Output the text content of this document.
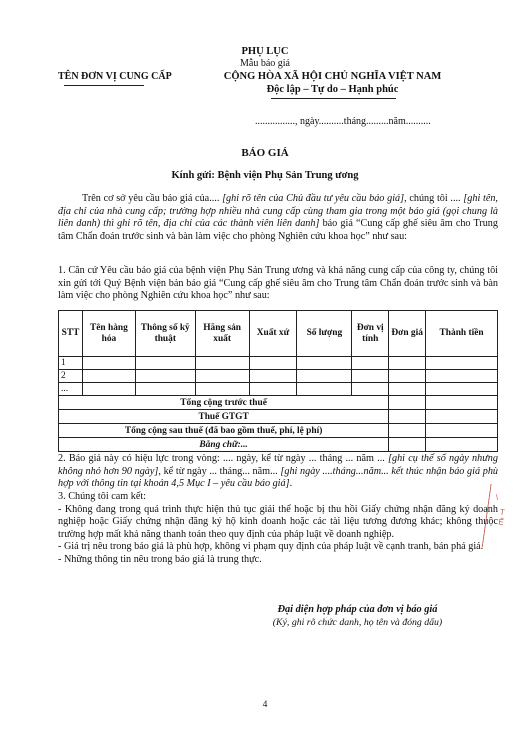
PHỤ LỤC
Mẫu báo giá
TÊN ĐƠN VỊ CUNG CẤP	CỘNG HÒA XÃ HỘI CHỦ NGHĨA VIỆT NAM
Độc lập – Tự do – Hạnh phúc
................, ngày..........tháng.........năm..........
BÁO GIÁ
Kính gửi: Bệnh viện Phụ Sản Trung ương
Trên cơ sở yêu cầu báo giá của.... [ghi rõ tên của Chủ đầu tư yêu cầu báo giá], chúng tôi .... [ghi tên, địa chỉ của nhà cung cấp; trường hợp nhiều nhà cung cấp cùng tham gia trong một báo giá (gọi chung là liên danh) thì ghi rõ tên, địa chỉ của các thành viên liên danh] báo giá “Cung cấp ghế siêu âm cho Trung tâm Chẩn đoán trước sinh và bàn làm việc cho phòng Nghiên cứu khoa học” như sau:
1. Căn cứ Yêu cầu báo giá của bệnh viện Phụ Sản Trung ương và khả năng cung cấp của công ty, chúng tôi xin gửi tới Quý Bệnh viện bản báo giá “Cung cấp ghế siêu âm cho Trung tâm Chẩn đoán trước sinh và bàn làm việc cho phòng Nghiên cứu khoa học” như sau:
STT	Tên hàng hóa	Thông số kỹ thuật	Hãng sản xuất	Xuất xứ	Số lượng	Đơn vị tính	Đơn giá	Thành tiền
1								
2								
...								
Tổng cộng trước thuế								
Thuế GTGT								
Tổng cộng sau thuế (đã bao gồm thuế, phí, lệ phí)								
Bằng chữ:...								
2. Báo giá này có hiệu lực trong vòng: .... ngày, kể từ ngày ... tháng ... năm ... [ghi cụ thể số ngày nhưng không nhỏ hơn 90 ngày], kể từ ngày ... tháng... năm... [ghi ngày ....tháng...năm... kết thúc nhận báo giá phù hợp với thông tin tại khoản 4,5 Mục I – yêu cầu báo giá].
3. Chúng tôi cam kết:
- Không đang trong quá trình thực hiện thủ tục giải thể hoặc bị thu hồi Giấy chứng nhận đăng ký doanh nghiệp hoặc Giấy chứng nhận đăng ký hộ kinh doanh hoặc các tài liệu tương đương khác; không thuộc trường hợp mất khả năng thanh toán theo quy định của pháp luật về doanh nghiệp.
- Giá trị nêu trong báo giá là phù hợp, không vi phạm quy định của pháp luật về cạnh tranh, bán phá giá.
- Những thông tin nêu trong báo giá là trung thực.
\
T
Ế
Đại diện hợp pháp của đơn vị báo giá
(Ký, ghi rõ chức danh, họ tên và đóng dấu)
4
